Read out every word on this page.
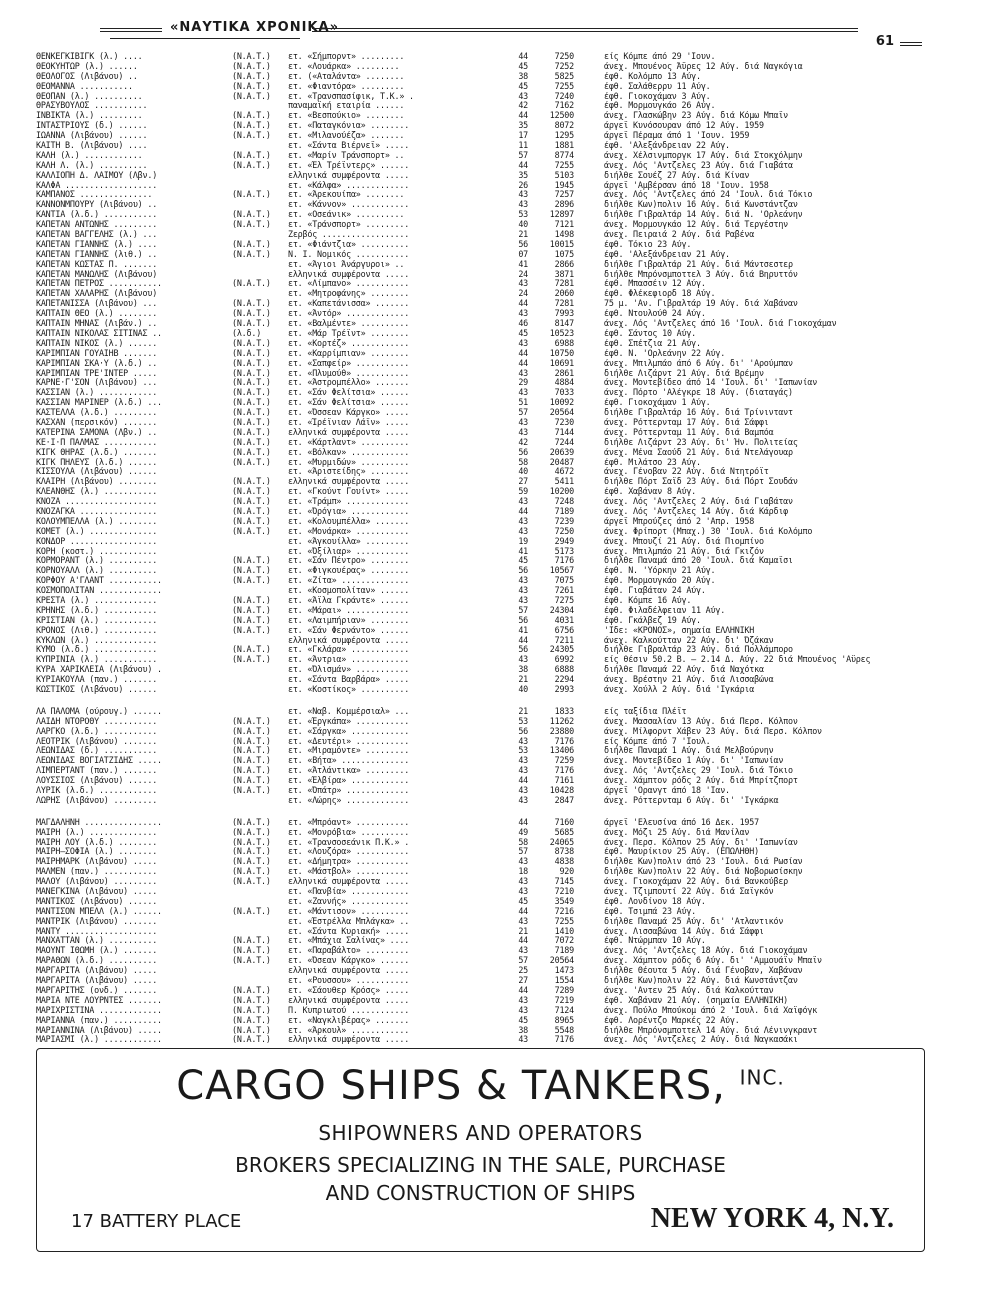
«ΝΑΥΤΙΚΑ ΧΡΟΝΙΚΑ»
61
ΘΕΝΚΕΓΚΙΒΙΓΚ (λ.) ....	(N.A.T.)	ετ. «Σήμπορντ» .........	44	7250	είς Κόμπε άπό 29 'Ιουν.
ΘΕΟΚΥΗΤΩΡ (λ.) ......	(N.A.T.)	ετ. «Λουάρκα» .........	45	7252	άνεχ. Μπουένος Άϋρες 12 Αύγ. διά Ναγκόγια
ΘΕΟΛΟΓΟΣ (Λιβάνου) ..	(N.A.T.)	ετ. («Αταλάντα» ........	38	5825	έφθ. Κολόμπο 13 Αύγ.
ΘΕΟΜΑΝΝΑ ...........	(N.A.T.)	ετ. «Φιαντόρα» .........	45	7255	έφθ. Σαλάθερρυ 11 Αύγ.
ΘΕΟΠΑΝ (λ.) ..........	(N.A.T.)	ετ. «Τρανσπασίφικ, Τ.Κ.» .	43	7240	έφθ. Γιοκοχάμαν 3 Αύγ.
ΘΡΑΣΥΒΟΥΛΟΣ ...........	παναμαϊκή εταιρία ......	42	7162	έφθ. Μορμουγκάο 26 Αύγ.
ΙΝΒΙΚΤΑ (λ.) .........	(N.A.T.)	ετ. «Βεσπούκιο» ........	44	12500	άνεχ. Γλασκώβην 23 Αύγ. διά Κόμω Μπαϊν
ΙΝΤΑΣΤΡΙΟΥΣ (δ.) ......	(N.A.T.)	ετ. «Παταγκόνια» ........	35	8072	άργεϊ Κυνόσουραν άπό 12 Αύγ. 1959
ΙΩΑΝΝΑ (Λιβάνου) ......	(N.A.T.)	ετ. «Μιλανούέζα» .......	17	1295	άργεϊ Πέραμα άπό 1 'Ιουν. 1959
ΚΑΙΤΗ Β. (Λιβάνου) ....	ετ. «Σάντα Βιέρνεϊ» .....	11	1881	έφθ. 'Αλεξάνδρειαν 22 Αύγ.
ΚΑΛΗ (λ.) ............	(N.A.T.)	ετ. «Μαρίν Τράνσπορτ» ..	57	8774	άνεχ. Χέλσινμποργκ 17 Αύγ. διά Στοκχόλμην
ΚΑΛΗ Λ. (λ.) ..........	(N.A.T.)	ετ. «Έλ Τρέϊντερς» ......	44	7255	άνεχ. Λός 'Αντζελες 23 Αύγ. διά Γιαβάτα
ΚΑΛΛΙΟΠΗ Δ. ΛΑΙΜΟΥ (Λβν.)	ελληνικά συμφέροντα .....	35	5103	διήλθε Σουέζ 27 Αύγ. διά Κίναν
ΚΑΛΦΑ ...................	ετ. «Κάλφα» .............	26	1945	άργεϊ 'Αμβέρσαν άπό 18 'Ιουν. 1958
ΚΑΜΠΑΝΟΣ ...............	(N.A.T.)	ετ. «Άρεκουίπα» ........	43	7257	άνεχ. Λός 'Αντζελες άπό 24 'Ιουλ. διά Τόκιο
ΚΑΝΝΟΝΜΠΟΥΡΥ (Λιβάνου) ..	ετ. «Κάννον» ............	43	2896	διήλθε Κων)πολιν 16 Αύγ. διά Κωνστάντζαν
ΚΑΝΤΙΑ (λ.δ.) ...........	(N.A.T.)	ετ. «Οσεάνικ» ..........	53	12897	διήλθε Γιβραλτάρ 14 Αύγ. διά Ν. 'Ορλεάνην
ΚΑΠΕΤΑΝ ΑΝΤΩΝΗΣ .........	(N.A.T.)	ετ. «Τράνσπορτ» .........	40	7121	άνεχ. Μορμουγκάο 12 Αύγ. διά Τεργέστην
ΚΑΠΕΤΑΝ ΒΑΓΓΕΛΗΣ (λ.) ...	Ζερβός ..................	21	1498	άνεχ. Πειραιά 2 Αύγ. διά Ραβένα
ΚΑΠΕΤΑΝ ΓΙΑΝΝΗΣ (λ.) ....	(N.A.T.)	ετ. «Φιάντζια» ..........	56	10015	έφθ. Τόκιο 23 Αύγ.
ΚΑΠΕΤΑΝ ΓΙΑΝΝΗΣ (λιθ.) ..	(N.A.T.)	Ν. Ι. Νομικός ...........	07	1075	έφθ. 'Αλεξάνδρειαν 21 Αύγ.
ΚΑΠΕΤΑΝ ΚΩΣΤΑΣ Π. .......	ετ. «Άγιοι Άνάργυροι» ..	41	2866	διήλθε Γιβραλτάρ 21 Αύγ. διά Μάντσεστερ
ΚΑΠΕΤΑΝ ΜΑΝΩΛΗΣ (Λιβάνου)	ελληνικά συμφέροντα .....	24	3871	διήλθε Μπρόνσμποττελ 3 Αύγ. διά Βηρυττόν
ΚΑΠΕΤΑΝ ΠΕΤΡΟΣ ...........	(N.A.T.)	ετ. «Λίμπανο» ...........	43	7281	έφθ. Μπασσέιν 12 Αύγ.
ΚΑΠΕΤΑΝ ΧΑΛΑΡΗΣ (Λιβάνου)	ετ. «Μητροφάνης» ........	24	2060	έφθ. Φλέκεφιορδ 18 Αύγ.
ΚΑΠΕΤΑΝΙΣΣΑ (Λιβάνου) ...	(N.A.T.)	ετ. «Καπετάνισσα» .......	44	7281	75 μ. 'Αν. Γιβραλτάρ 19 Αύγ. διά Χαβάναν
ΚΑΠΤΑΙΝ ΘΕΟ (λ.) ........	(N.A.T.)	ετ. «Άντόρ» .............	43	7993	έφθ. Ντουλούθ 24 Αύγ.
ΚΑΠΤΑΙΝ ΜΗΝΑΣ (Λιβάν.) ..	(N.A.T.)	ετ. «Βαλμέντε» ..........	46	8147	άνεχ. Λός 'Αντζελες άπό 16 'Ιουλ. διά Γιοκοχάμαν
ΚΑΠΤΑΙΝ ΝΙΚΟΛΑΣ ΣΙΤΙΝΑΣ ..	(λ.δ.)	ετ. «Μάρ Τρέϊντ» ........	45	10523	έφθ. Σάντος 10 Αύγ.
ΚΑΠΤΑΙΝ ΝΙΚΟΣ (λ.) ......	(N.A.T.)	ετ. «Κορτέζ» ............	43	6988	έφθ. Σπέτζια 21 Αύγ.
ΚΑΡΙΜΠΙΑΝ ΓΟΥΑΙΗΒ .......	(N.A.T.)	ετ. «Καρρίμπιαν» ........	44	10750	έφθ. Ν. 'Ορλεάνην 22 Αύγ.
ΚΑΡΙΜΠΙΑΝ ΣΚΑ·Υ (λ.δ.) ..	(N.A.T.)	ετ. «Σαπφείρ» ...........	44	10691	άνεχ. Μπιλμπάο άπό 6 Αύγ. δι' 'Αρούμπαν
ΚΑΡΙΜΠΙΑΝ ΤΡΕ'ΙΝΤΕΡ .....	(N.A.T.)	ετ. «Πλυμούθ» ...........	43	2861	διήλθε Λιζάρντ 21 Αύγ. διά Βρέμην
ΚΑΡΝΕ·Γ'ΣΟΝ (Λιβάνου) ...	(N.A.T.)	ετ. «Άστρομπέλλο» .......	29	4884	άνεχ. Μοντεβίδεο άπό 14 'Ιουλ. δι' 'Ιαπωνίαν
ΚΑΣΣΙΑΝ (λ.) ............	(N.A.T.)	ετ. «Σάν Φελίτσια» ......	43	7033	άνεχ. Πόρτο 'Αλέγκρε 18 Αύγ. (διαταγάς)
ΚΑΣΣΙΑΝ ΜΑΡΙΝΕΡ (λ.δ.) ...	(N.A.T.)	ετ. «Σάν Φελίτσια» ......	51	10092	έφθ. Γιοκοχάμαν 1 Αύγ.
ΚΑΣΤΕΛΛΑ (λ.δ.) .........	(N.A.T.)	ετ. «Όσσεαν Κάργκο» .....	57	20564	διήλθε Γιβραλτάρ 16 Αύγ. διά Τρίνινταντ
ΚΑΣΧΑΝ (περσικόν) .......	(N.A.T.)	ετ. «Ίρέϊνιαν Λάϊν» .....	43	7230	άνεχ. Ρόττερνταμ 17 Αύγ. διά Σάφφι
ΚΑΤΕΡΙΝΑ ΣΑΜΟΝΑ (Λβν.) ..	(N.A.T.)	ελληνικά συμφέροντα .....	43	7144	άνεχ. Ρόττερνταμ 11 Αύγ. διά Βαμπόα
ΚΕ·Ι·Π ΠΑΛΜΑΣ ...........	(N.A.T.)	ετ. «Κάρτλαντ» ..........	42	7244	διήλθε Λιζάρντ 23 Αύγ. δι' Ήν. Πολιτείας
ΚΙΓΚ ΘΗΡΑΣ (λ.δ.) .......	(N.A.T.)	ετ. «Βόλκαν» ............	56	20639	άνεχ. Μένα Σαούδ 21 Αύγ. διά Ντελάγουαρ
ΚΙΓΚ ΠΗΛΕΥΣ (λ.δ.) ......	(N.A.T.)	ετ. «Μυρμιδών» ..........	58	20487	έφθ. Μιλάτσο 23 Αύγ.
ΚΙΣΣΟΥΛΑ (Λιβάνου) ......	ετ. «Άριστείδης» ........	40	4672	άνεχ. Γένοβαν 22 Αύγ. διά Ντητρόϊτ
ΚΛΑΙΡΗ (Λιβάνου) ........	(N.A.T.)	ελληνικά συμφέροντα .....	27	5411	διήλθε Πόρτ Σαΐδ 23 Αύγ. διά Πόρτ Σουδάν
ΚΛΕΑΝΘΗΣ (λ.) ...........	(N.A.T.)	ετ. «Γκούντ Γουίντ» .....	59	10200	έφθ. Χαβάναν 8 Αύγ.
ΚΝΟΖΑ ...................	(N.A.T.)	ετ. «Τράμπ» .............	43	7248	άνεχ. Λός 'Αντζελες 2 Αύγ. διά Γιαβάταν
ΚΝΟΖΑΓΚΑ ................	(N.A.T.)	ετ. «Όρόγια» ............	44	7189	άνεχ. Λός 'Αντζελες 14 Αύγ. διά Κάρδιφ
ΚΟΛΟΥΜΠΕΛΛΑ (λ.) ........	(N.A.T.)	ετ. «Κολουμπέλλα» .......	43	7239	άργεϊ Μπρούζες άπό 2 'Απρ. 1958
ΚΟΜΕΤ (λ.) ..............	(N.A.T.)	ετ. «Μονάρκα» ...........	43	7250	άνεχ. Φρίπορτ (Μπαχ.) 30 'Ιουλ. διά Κολόμπο
ΚΟΝΔΟΡ ..................	ετ. «Άγκουίλλα» .........	19	2949	άνεχ. Μπουζί 21 Αύγ. διά Πιομπίνο
ΚΟΡΗ (κοστ.) ............	ετ. «Όξίλιαρ» ...........	41	5173	άνεχ. Μπιλμπάο 21 Αύγ. διά Γκιζόν
ΚΟΡΜΟΡΑΝΤ (λ.) ..........	(N.A.T.)	ετ. «Σάν Πέντρο» ........	45	7176	διήλθε Παναμά άπό 20 'Ιουλ. διά Καμαϊσι
ΚΟΡΝΟΥΑΛΛ (λ.) ..........	(N.A.T.)	ετ. «Φιγκουέρας» ........	56	10567	έφθ. Ν. 'Υόρκην 21 Αύγ.
ΚΟΡΦΟΥ Α'ΓΛΑΝΤ ...........	(N.A.T.)	ετ. «Ζίτα» ..............	43	7075	έφθ. Μορμουγκάο 20 Αύγ.
ΚΟΣΜΟΠΟΛΙΤΑΝ .............	ετ. «Κοσμοπολίταν» ......	43	7261	έφθ. Γιαβάταν 24 Αύγ.
ΚΡΕΣΤΑ (λ.) .............	(N.A.T.)	ετ. «Άϊλα Γκράντε» ......	43	7275	έφθ. Κόμπε 16 Αύγ.
ΚΡΗΝΗΣ (λ.δ.) ...........	(N.A.T.)	ετ. «Μάραι» .............	57	24304	έφθ. Φιλαδέλφειαν 11 Αύγ.
ΚΡΙΣΤΙΑΝ (λ.) ...........	(N.A.T.)	ετ. «Λαιμπήριαν» ........	56	4031	έφθ. Γκάλβεζ 19 Αύγ.
ΚΡΟΝΟΣ (Λιθ.) ...........	(N.A.T.)	ετ. «Σάν Φερνάντο» ......	41	6756	'Ιδε: «ΚΡΟΝΟΣ», σημαία ΕΛΛΗΝΙΚΗ
ΚΥΚΛΩΝ (λ.) .............	ελληνικά συμφέροντα .....	44	7211	άνεχ. Καλκούτταν 22 Αύγ. δι' Όζάκαν
ΚΥΜΟ (λ.δ.) .............	(N.A.T.)	ετ. «Γκλάρα» ............	56	24305	διήλθε Γιβραλτάρ 23 Αύγ. διά Πολλάμπορο
ΚΥΠΡΙΝΙΑ (λ.) ...........	(N.A.T.)	ετ. «Άντρια» ............	43	6992	είς θέσιν 50.2 Β. — 2.14 Δ. Αύγ. 22 διά Μπουένος 'Αϋρες
ΚΥΡΑ ΧΑΡΙΚΛΕΙΑ (Λιβάνου) .	ετ. «Όλισμάν» ...........	38	6888	διήλθε Παναμά 22 Αύγ. διά Ναχότκα
ΚΥΡΙΑΚΟΥΛΑ (παν.) .......	ετ. «Σάντα Βαρβάρα» .....	21	2294	άνεχ. Βρέστην 21 Αύγ. διά Λισσαβώνα
ΚΩΣΤΙΚΟΣ (Λιβάνου) ......	ετ. «Κοστίκος» ..........	40	2993	άνεχ. Χούλλ 2 Αύγ. διά 'Ιγκάρια
ΛΑ ΠΑΛΟΜΑ (ούρουγ.) ......	ετ. «Ναβ. Κομμέρσιαλ» ...	21	1833	είς ταξίδια Πλέϊτ
ΛΑΙΔΗ ΝΤΟΡΟΘΥ ...........	(N.A.T.)	ετ. «Έργκάπα» ...........	53	11262	άνεχ. Μασσαλίαν 13 Αύγ. διά Περσ. Κόλπον
ΛΑΡΓΚΟ (λ.δ.) ...........	(N.A.T.)	ετ. «Σάργκα» ............	56	23880	άνεχ. Μίλφορντ Χάβεν 23 Αύγ. διά Περσ. Κόλπον
ΛΕΟΤΡΙΚ (Λιβάνου) .......	(N.A.T.)	ετ. «Δευτέρι» ...........	43	7176	είς Κόμπε άπό 7 'Ιουλ.
ΛΕΩΝΙΔΑΣ (δ.) ...........	(N.A.T.)	ετ. «Μιραμόντε» .........	53	13406	διήλθε Παναμά 1 Αύγ. διά Μελβούρνην
ΛΕΩΝΙΔΑΣ ΒΟΓΙΑΤΖΙΔΗΣ .....	(N.A.T.)	ετ. «Βήτα» ..............	43	7259	άνεχ. Μοντεβίδεο 1 Αύγ. δι' 'Ιαπωνίαν
ΛΙΜΠΕΡΤΑΝΤ (παν.) .......	(N.A.T.)	ετ. «Άτλάντικα» .........	43	7176	άνεχ. Λός 'Αντζελες 29 'Ιουλ. διά Τόκιο
ΛΟΥΣΣΙΟΣ (Λιβάνου) ......	(N.A.T.)	ετ. «Έλβίρα» ............	44	7161	άνεχ. Χάμπτον ρόδς 2 Αύγ. διά Μπρίτζπορτ
ΛΥΡΙΚ (λ.δ.) ............	(N.A.T.)	ετ. «Όπάτρ» .............	43	10428	άργεϊ 'Ορανγτ άπό 18 'Ιαν.
ΛΩΡΗΣ (Λιβάνου) .........	ετ. «Λώρης» .............	43	2847	άνεχ. Ρόττερνταμ 6 Αύγ. δι' 'Ιγκάρκα
ΜΑΓΔΑΛΗΝΗ ................	(N.A.T.)	ετ. «Μπρόαντ» ...........	44	7160	άργεϊ 'Ελευσίνα άπό 16 Δεκ. 1957
ΜΑΙΡΗ (λ.) ..............	(N.A.T.)	ετ. «Μονρόβια» ..........	49	5685	άνεχ. Μόζι 25 Αύγ. διά Μανίλαν
ΜΑΙΡΗ ΛΟΥ (λ.δ.) ........	(N.A.T.)	ετ. «Τρανσοσεάνικ Π.Κ.» .	58	24065	άνεχ. Περσ. Κόλπον 25 Αύγ. δι' 'Ιαπωνίαν
ΜΑΙΡΗ—ΣΟΦΙΑ (λ.) ........	(N.A.T.)	ετ. «Λουζόρα» ...........	57	8738	έφθ. Μαυρίκιον 25 Αύγ. (ΕΠΩΛΗΘΗ)
ΜΑΙΡΗΜΑΡΚ (Λιβάνου) .....	(N.A.T.)	ετ. «Δήμητρα» ...........	43	4838	διήλθε Κων)πολιν άπό 23 'Ιουλ. διά Ρωσίαν
ΜΑΛΜΕΝ (παν.) ...........	(N.A.T.)	ετ. «Μάστβολ» ...........	18	920	διήλθε Κων)πολιν 22 Αύγ. διά Νοβορωσίσκην
ΜΑΛΟΥ (Λιβάνου) .........	(N.A.T.)	ελληνικά συμφέροντα .....	43	7145	άνεχ. Γιοκοχάμαν 22 Αύγ. διά Βανκούβερ
ΜΑΝΕΓΚΙΝΑ (Λιβάνου) .....	ετ. «Πανβία» ............	43	7210	άνεχ. Τζιμπουτί 22 Αύγ. διά Σαϊγκόν
ΜΑΝΤΙΚΟΣ (Λιβάνου) ......	ετ. «Ζαννής» ............	45	3549	έφθ. Λονδίνον 18 Αύγ.
ΜΑΝΤΙΣΟΝ ΜΠΕΛΛ (λ.) ......	(N.A.T.)	ετ. «Μάντισον» ..........	44	7216	έφθ. Τσιμπά 23 Αύγ.
ΜΑΝΤΡΙΚ (Λιβάνου) .......	ετ. «Έστρέλλα Μπλάγκα» ..	43	7255	διήλθε Παναμά 25 Αύγ. δι' 'Ατλαντικόν
ΜΑΝΤΥ ...................	ετ. «Σάντα Κυριακή» .....	21	1410	άνεχ. Λισσαβώνα 14 Αύγ. διά Σάφφι
ΜΑΝΧΑΤΤΑΝ (λ.) ..........	(N.A.T.)	ετ. «Μπάχια Σαλίνας» ....	44	7072	έφθ. Ντώρμπαν 10 Αύγ.
ΜΑΟΥΝΤ ΙΘΩΜΗ (λ.) .......	(N.A.T.)	ετ. «Παραβάλτο» .........	43	7189	άνεχ. Λός 'Αντζελες 18 Αύγ. διά Γιοκοχάμαν
ΜΑΡΑΘΩΝ (λ.δ.) ..........	(N.A.T.)	ετ. «Όσεαν Κάργκο» ......	57	20564	άνεχ. Χάμπτον ρόδς 6 Αύγ. δι' 'Αμμουάϊν Μπαϊν
ΜΑΡΓΑΡΙΤΑ (Λιβάνου) .....	ελληνικά συμφέροντα .....	25	1473	διήλθε Θέουτα 5 Αύγ. διά Γένοβαν, Χαβάναν
ΜΑΡΓΑΡΙΤΑ (Λιβάνου) .....	ετ. «Ρουσσου» ...........	27	1554	διήλθε Κων)πολιν 22 Αύγ. διά Κωνστάντζαν
ΜΑΡΓΑΡΙΤΗΣ (ονδ.) .......	(N.A.T.)	ετ. «Σάουθερ Κρόσς» .....	44	7289	άνεχ. 'Αντεν 25 Αύγ. διά Καλκούτταν
ΜΑΡΙΑ ΝΤΕ ΛΟΥΡΝΤΕΣ .......	(N.A.T.)	ελληνικά συμφέροντα .....	43	7219	έφθ. Χαβάναν 21 Αύγ. (σημαία ΕΛΛΗΝΙΚΗ)
ΜΑΡΙΧΡΙΣΤΙΝΑ .............	(N.A.T.)	Π. Κυπριωτού ............	43	7124	άνεχ. Πούλο Μπούκομ άπό 2 'Ιουλ. διά Χαϊφόγκ
ΜΑΡΙΑΝΝΑ (παν.) ..........	(N.A.T.)	ετ. «Ναγκλιβέρας» .......	45	8965	έφθ. Λορέντζο Μαρκές 22 Αύγ.
ΜΑΡΙΑΝΝΙΝΑ (Λιβάνου) .....	(N.A.T.)	ετ. «Άρκουλ» ............	38	5548	διήλθε Μπρόνσμποττελ 14 Αύγ. διά Λένινγκραντ
ΜΑΡΙΑΣΜΙ (λ.) ............	(N.A.T.)	ελληνικά συμφέροντα .....	43	7176	άνεχ. Λός 'Αντζελες 2 Αύγ. διά Ναγκασάκι
CARGO SHIPS & TANKERS, $^{INC.}$
SHIPOWNERS AND OPERATORS
BROKERS SPECIALIZING IN THE SALE, PURCHASE
AND CONSTRUCTION OF SHIPS
17 BATTERY PLACE	NEW YORK 4, N.Y.
